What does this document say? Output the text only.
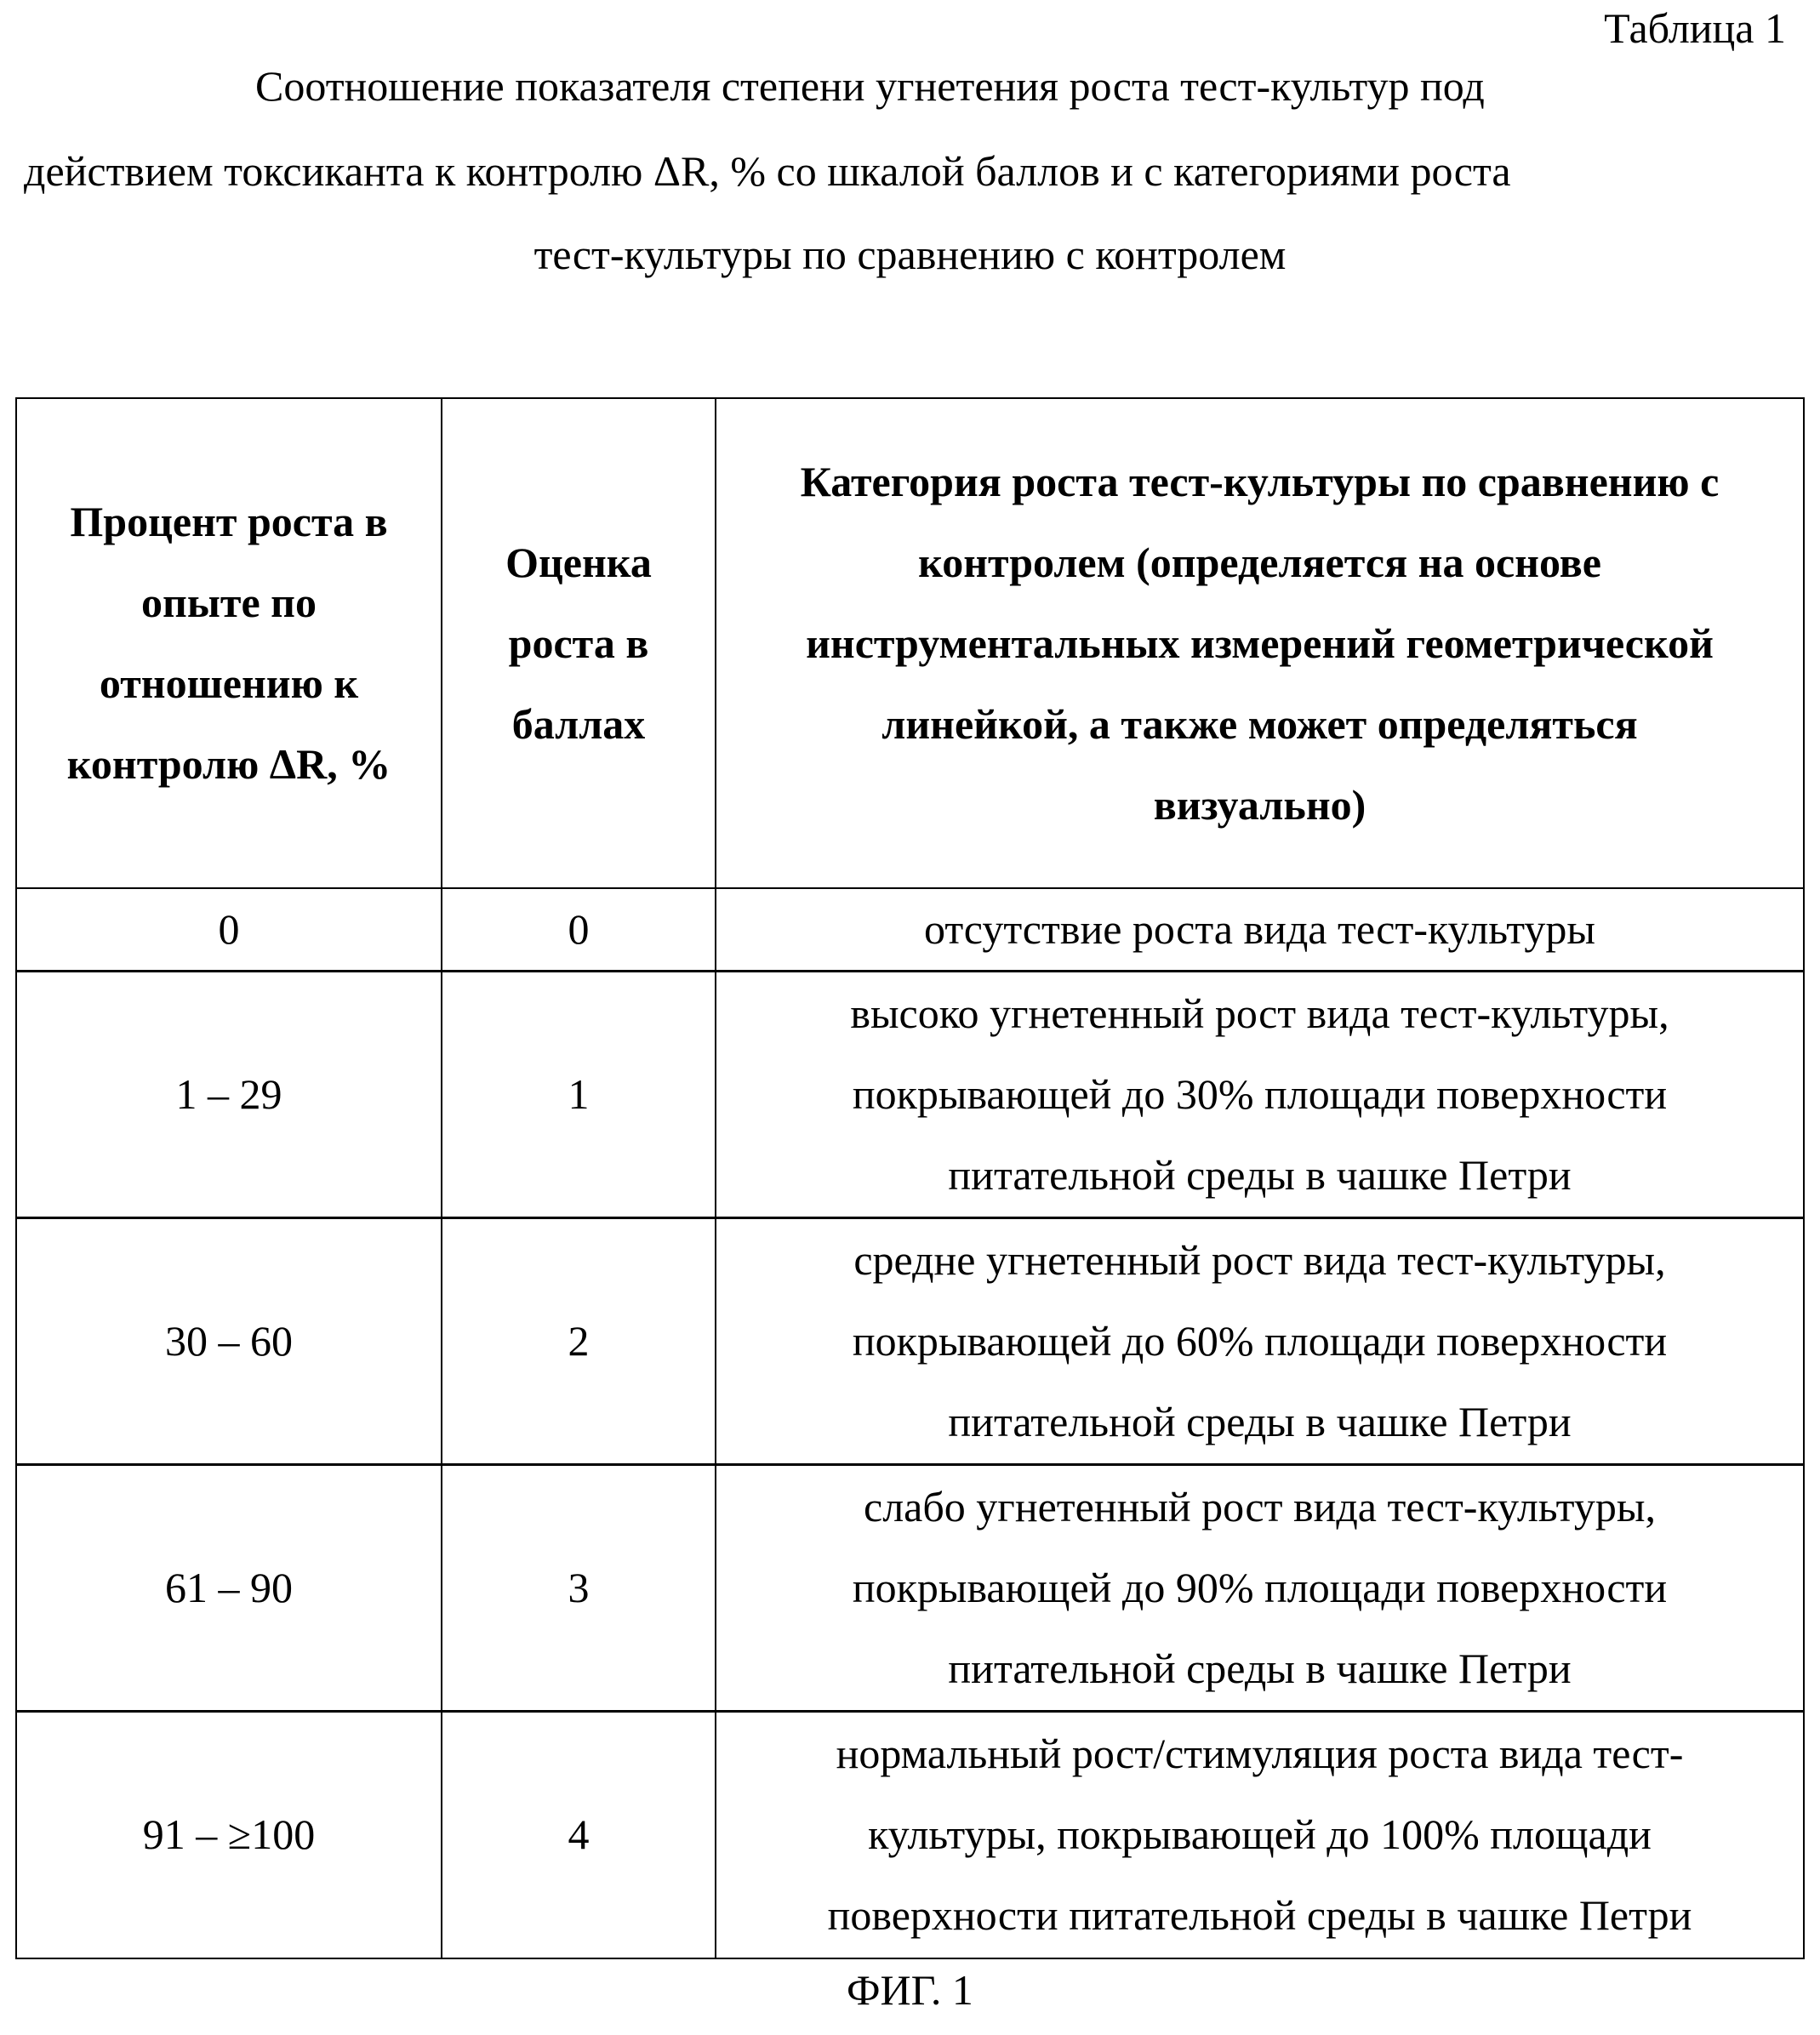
Таблица 1
Соотношение показателя степени угнетения роста тест-культур под
действием токсиканта к контролю ΔR, % со шкалой баллов и с категориями роста
тест-культуры по сравнению с контролем
Процент роста в
опыте по
отношению к
контролю ΔR, %

Оценка
роста в
баллах

Категория роста тест-культуры по сравнению с
контролем (определяется на основе
инструментальных измерений геометрической
линейкой, а также может определяться
визуально)

0	0	отсутствие роста вида тест-культуры

1 – 29	1	
высоко угнетенный рост вида тест-культуры,
покрывающей до 30% площади поверхности
питательной среды в чашке Петри

30 – 60	2	
средне угнетенный рост вида тест-культуры,
покрывающей до 60% площади поверхности
питательной среды в чашке Петри

61 – 90	3	
слабо угнетенный рост вида тест-культуры,
покрывающей до 90% площади поверхности
питательной среды в чашке Петри

91 – ≥100	4	
нормальный рост/стимуляция роста вида тест-
культуры, покрывающей до 100% площади
поверхности питательной среды в чашке Петри
ФИГ. 1
